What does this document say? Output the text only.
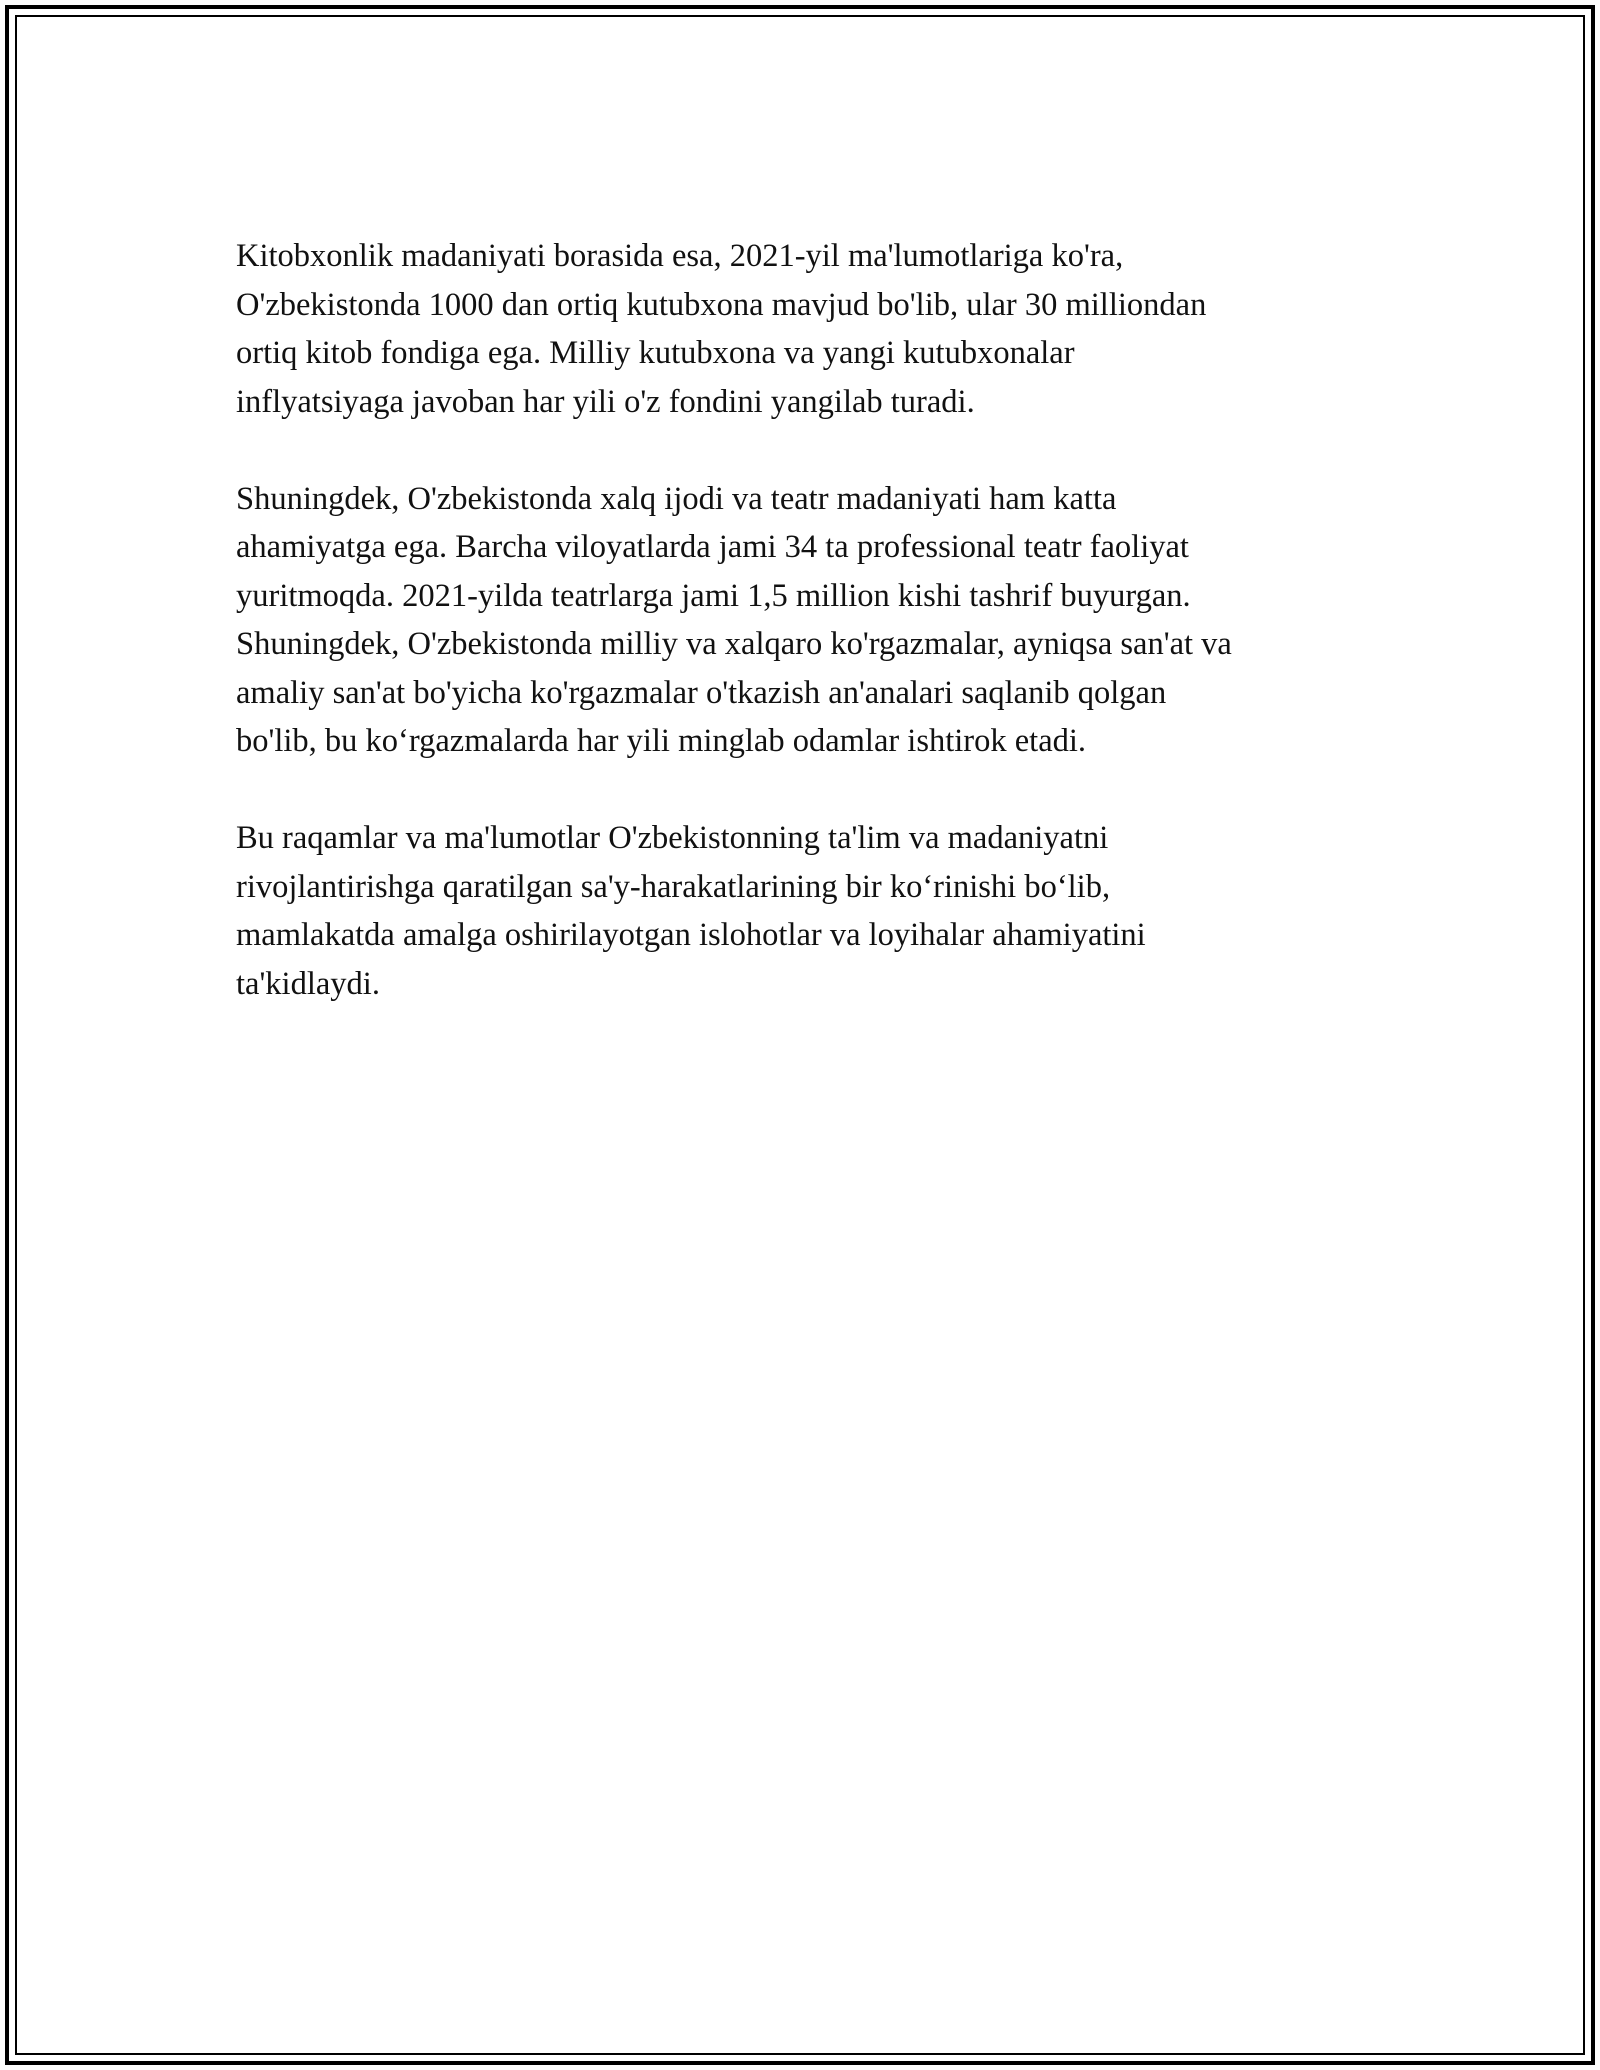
Kitobxonlik madaniyati borasida esa, 2021-yil ma'lumotlariga ko'ra,
O'zbekistonda 1000 dan ortiq kutubxona mavjud bo'lib, ular 30 milliondan
ortiq kitob fondiga ega. Milliy kutubxona va yangi kutubxonalar
inflyatsiyaga javoban har yili o'z fondini yangilab turadi.

Shuningdek, O'zbekistonda xalq ijodi va teatr madaniyati ham katta
ahamiyatga ega. Barcha viloyatlarda jami 34 ta professional teatr faoliyat
yuritmoqda. 2021-yilda teatrlarga jami 1,5 million kishi tashrif buyurgan.
Shuningdek, O'zbekistonda milliy va xalqaro ko'rgazmalar, ayniqsa san'at va
amaliy san'at bo'yicha ko'rgazmalar o'tkazish an'analari saqlanib qolgan
bo'lib, bu ko‘rgazmalarda har yili minglab odamlar ishtirok etadi.

Bu raqamlar va ma'lumotlar O'zbekistonning ta'lim va madaniyatni
rivojlantirishga qaratilgan sa'y-harakatlarining bir ko‘rinishi bo‘lib,
mamlakatda amalga oshirilayotgan islohotlar va loyihalar ahamiyatini
ta'kidlaydi.
